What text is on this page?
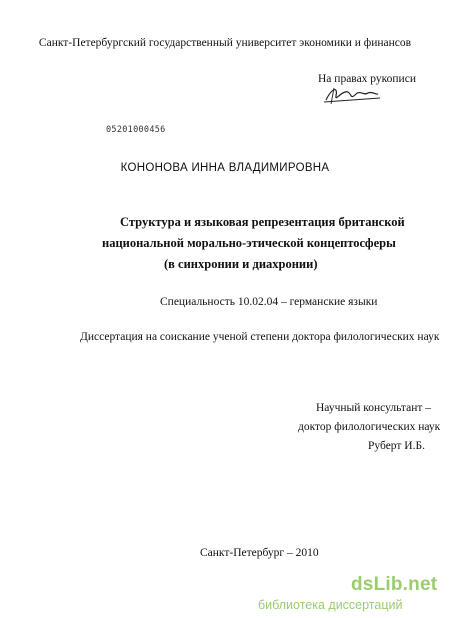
Санкт-Петербургский государственный университет экономики и финансов
На правах рукописи
05201000456
КОНОНОВА ИННА ВЛАДИМИРОВНА
Структура и языковая репрезентация британской
национальной морально-этической концептосферы
(в синхронии и диахронии)
Специальность 10.02.04 – германские языки
Диссертация на соискание ученой степени доктора филологических наук
Научный консультант –
доктор филологических наук
Руберт И.Б.
Санкт-Петербург – 2010
dsLib.net
библиотека диссертаций
